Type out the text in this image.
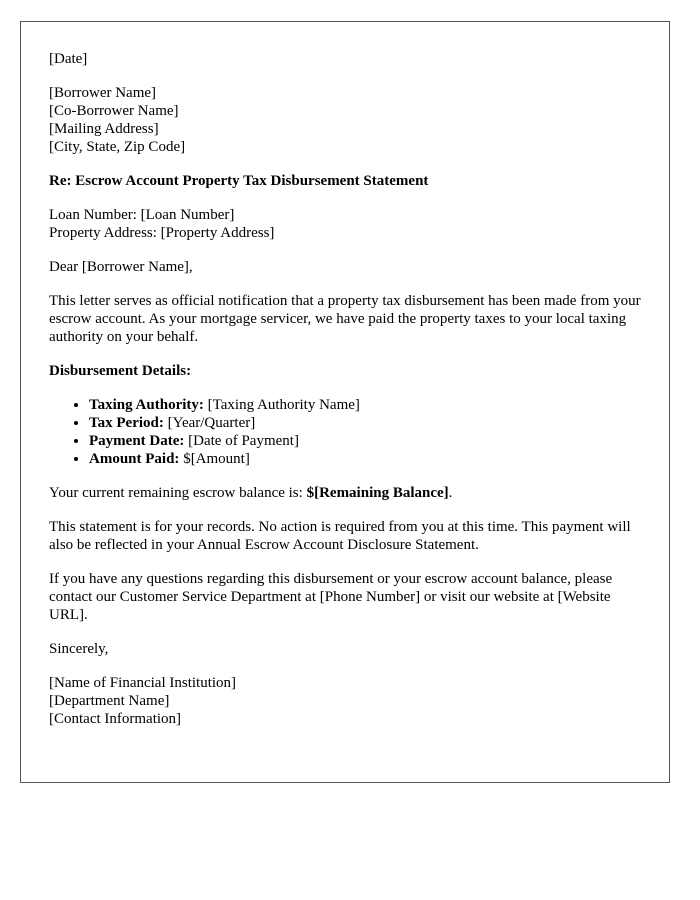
[Date]

[Borrower Name]
[Co-Borrower Name]
[Mailing Address]
[City, State, Zip Code]

Re: Escrow Account Property Tax Disbursement Statement

Loan Number: [Loan Number]
Property Address: [Property Address]

Dear [Borrower Name],

This letter serves as official notification that a property tax disbursement has been made from your escrow account. As your mortgage servicer, we have paid the property taxes to your local taxing authority on your behalf.

Disbursement Details:

• Taxing Authority: [Taxing Authority Name]
• Tax Period: [Year/Quarter]
• Payment Date: [Date of Payment]
• Amount Paid: $[Amount]

Your current remaining escrow balance is: $[Remaining Balance].

This statement is for your records. No action is required from you at this time. This payment will also be reflected in your Annual Escrow Account Disclosure Statement.

If you have any questions regarding this disbursement or your escrow account balance, please contact our Customer Service Department at [Phone Number] or visit our website at [Website URL].

Sincerely,

[Name of Financial Institution]
[Department Name]
[Contact Information]
